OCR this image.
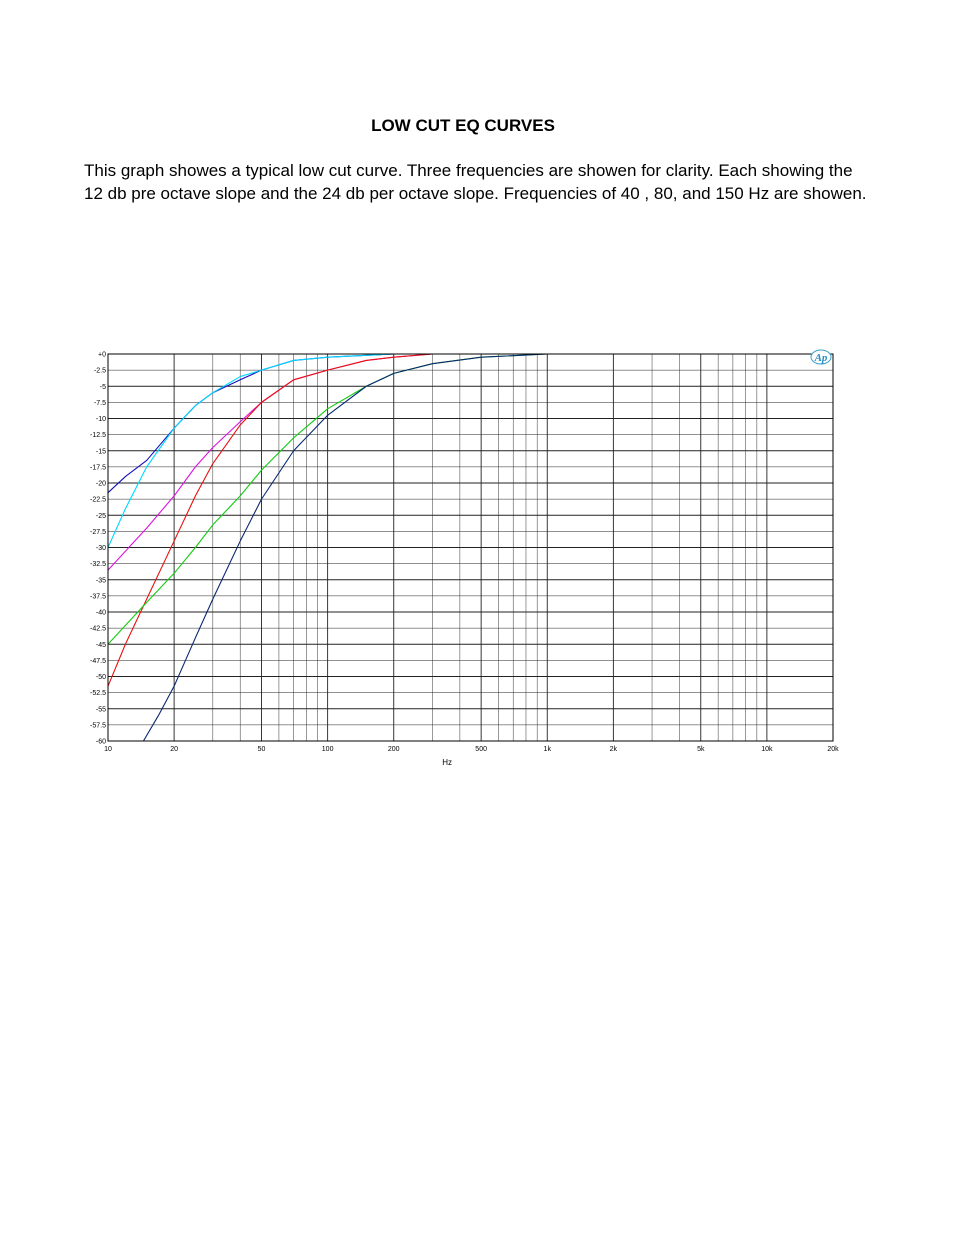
LOW CUT EQ CURVES

This graph showes a typical low cut curve. Three frequencies are showen for clarity. Each showing the 12 db pre octave slope and the 24 db per octave slope. Frequencies of 40 , 80, and 150 Hz are showen.

+0
-2.5
-5
-7.5
-10
-12.5
-15
-17.5
-20
-22.5
-25
-27.5
-30
-32.5
-35
-37.5
-40
-42.5
-45
-47.5
-50
-52.5
-55
-57.5
-60
10	20	50	100	200	500	1k	2k	5k	10k	20k
Hz
Ap
